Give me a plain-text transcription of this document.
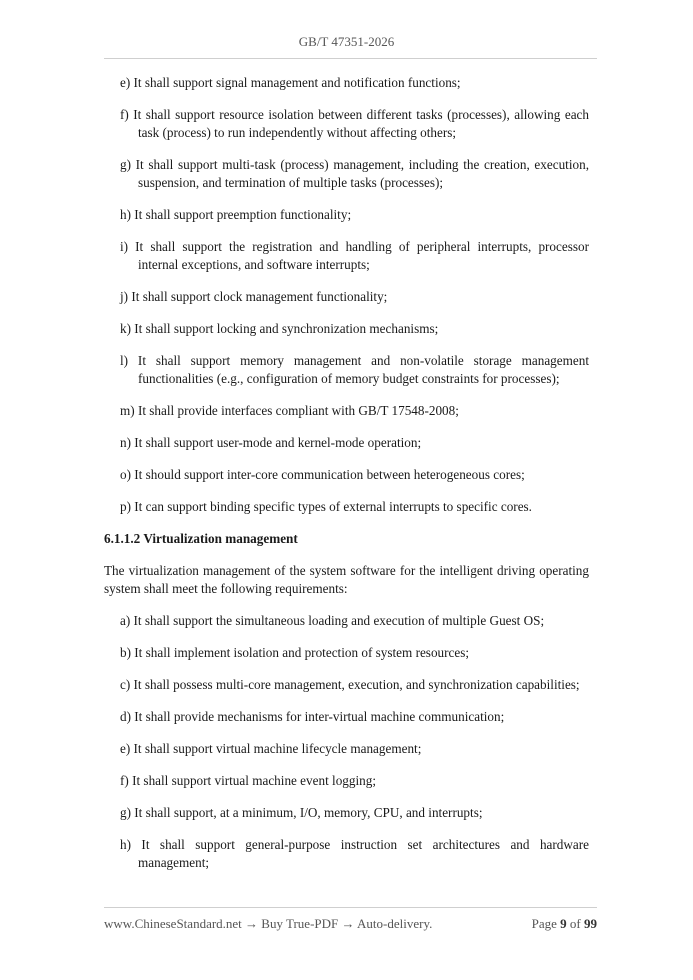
GB/T 47351-2026

e) It shall support signal management and notification functions;

f) It shall support resource isolation between different tasks (processes), allowing each task (process) to run independently without affecting others;

g) It shall support multi-task (process) management, including the creation, execution, suspension, and termination of multiple tasks (processes);

h) It shall support preemption functionality;

i) It shall support the registration and handling of peripheral interrupts, processor internal exceptions, and software interrupts;

j) It shall support clock management functionality;

k) It shall support locking and synchronization mechanisms;

l) It shall support memory management and non-volatile storage management functionalities (e.g., configuration of memory budget constraints for processes);

m) It shall provide interfaces compliant with GB/T 17548-2008;

n) It shall support user-mode and kernel-mode operation;

o) It should support inter-core communication between heterogeneous cores;

p) It can support binding specific types of external interrupts to specific cores.

6.1.1.2 Virtualization management

The virtualization management of the system software for the intelligent driving operating system shall meet the following requirements:

a) It shall support the simultaneous loading and execution of multiple Guest OS;

b) It shall implement isolation and protection of system resources;

c) It shall possess multi-core management, execution, and synchronization capabilities;

d) It shall provide mechanisms for inter-virtual machine communication;

e) It shall support virtual machine lifecycle management;

f) It shall support virtual machine event logging;

g) It shall support, at a minimum, I/O, memory, CPU, and interrupts;

h) It shall support general-purpose instruction set architectures and hardware management;

www.ChineseStandard.net → Buy True-PDF → Auto-delivery.	Page 9 of 99
